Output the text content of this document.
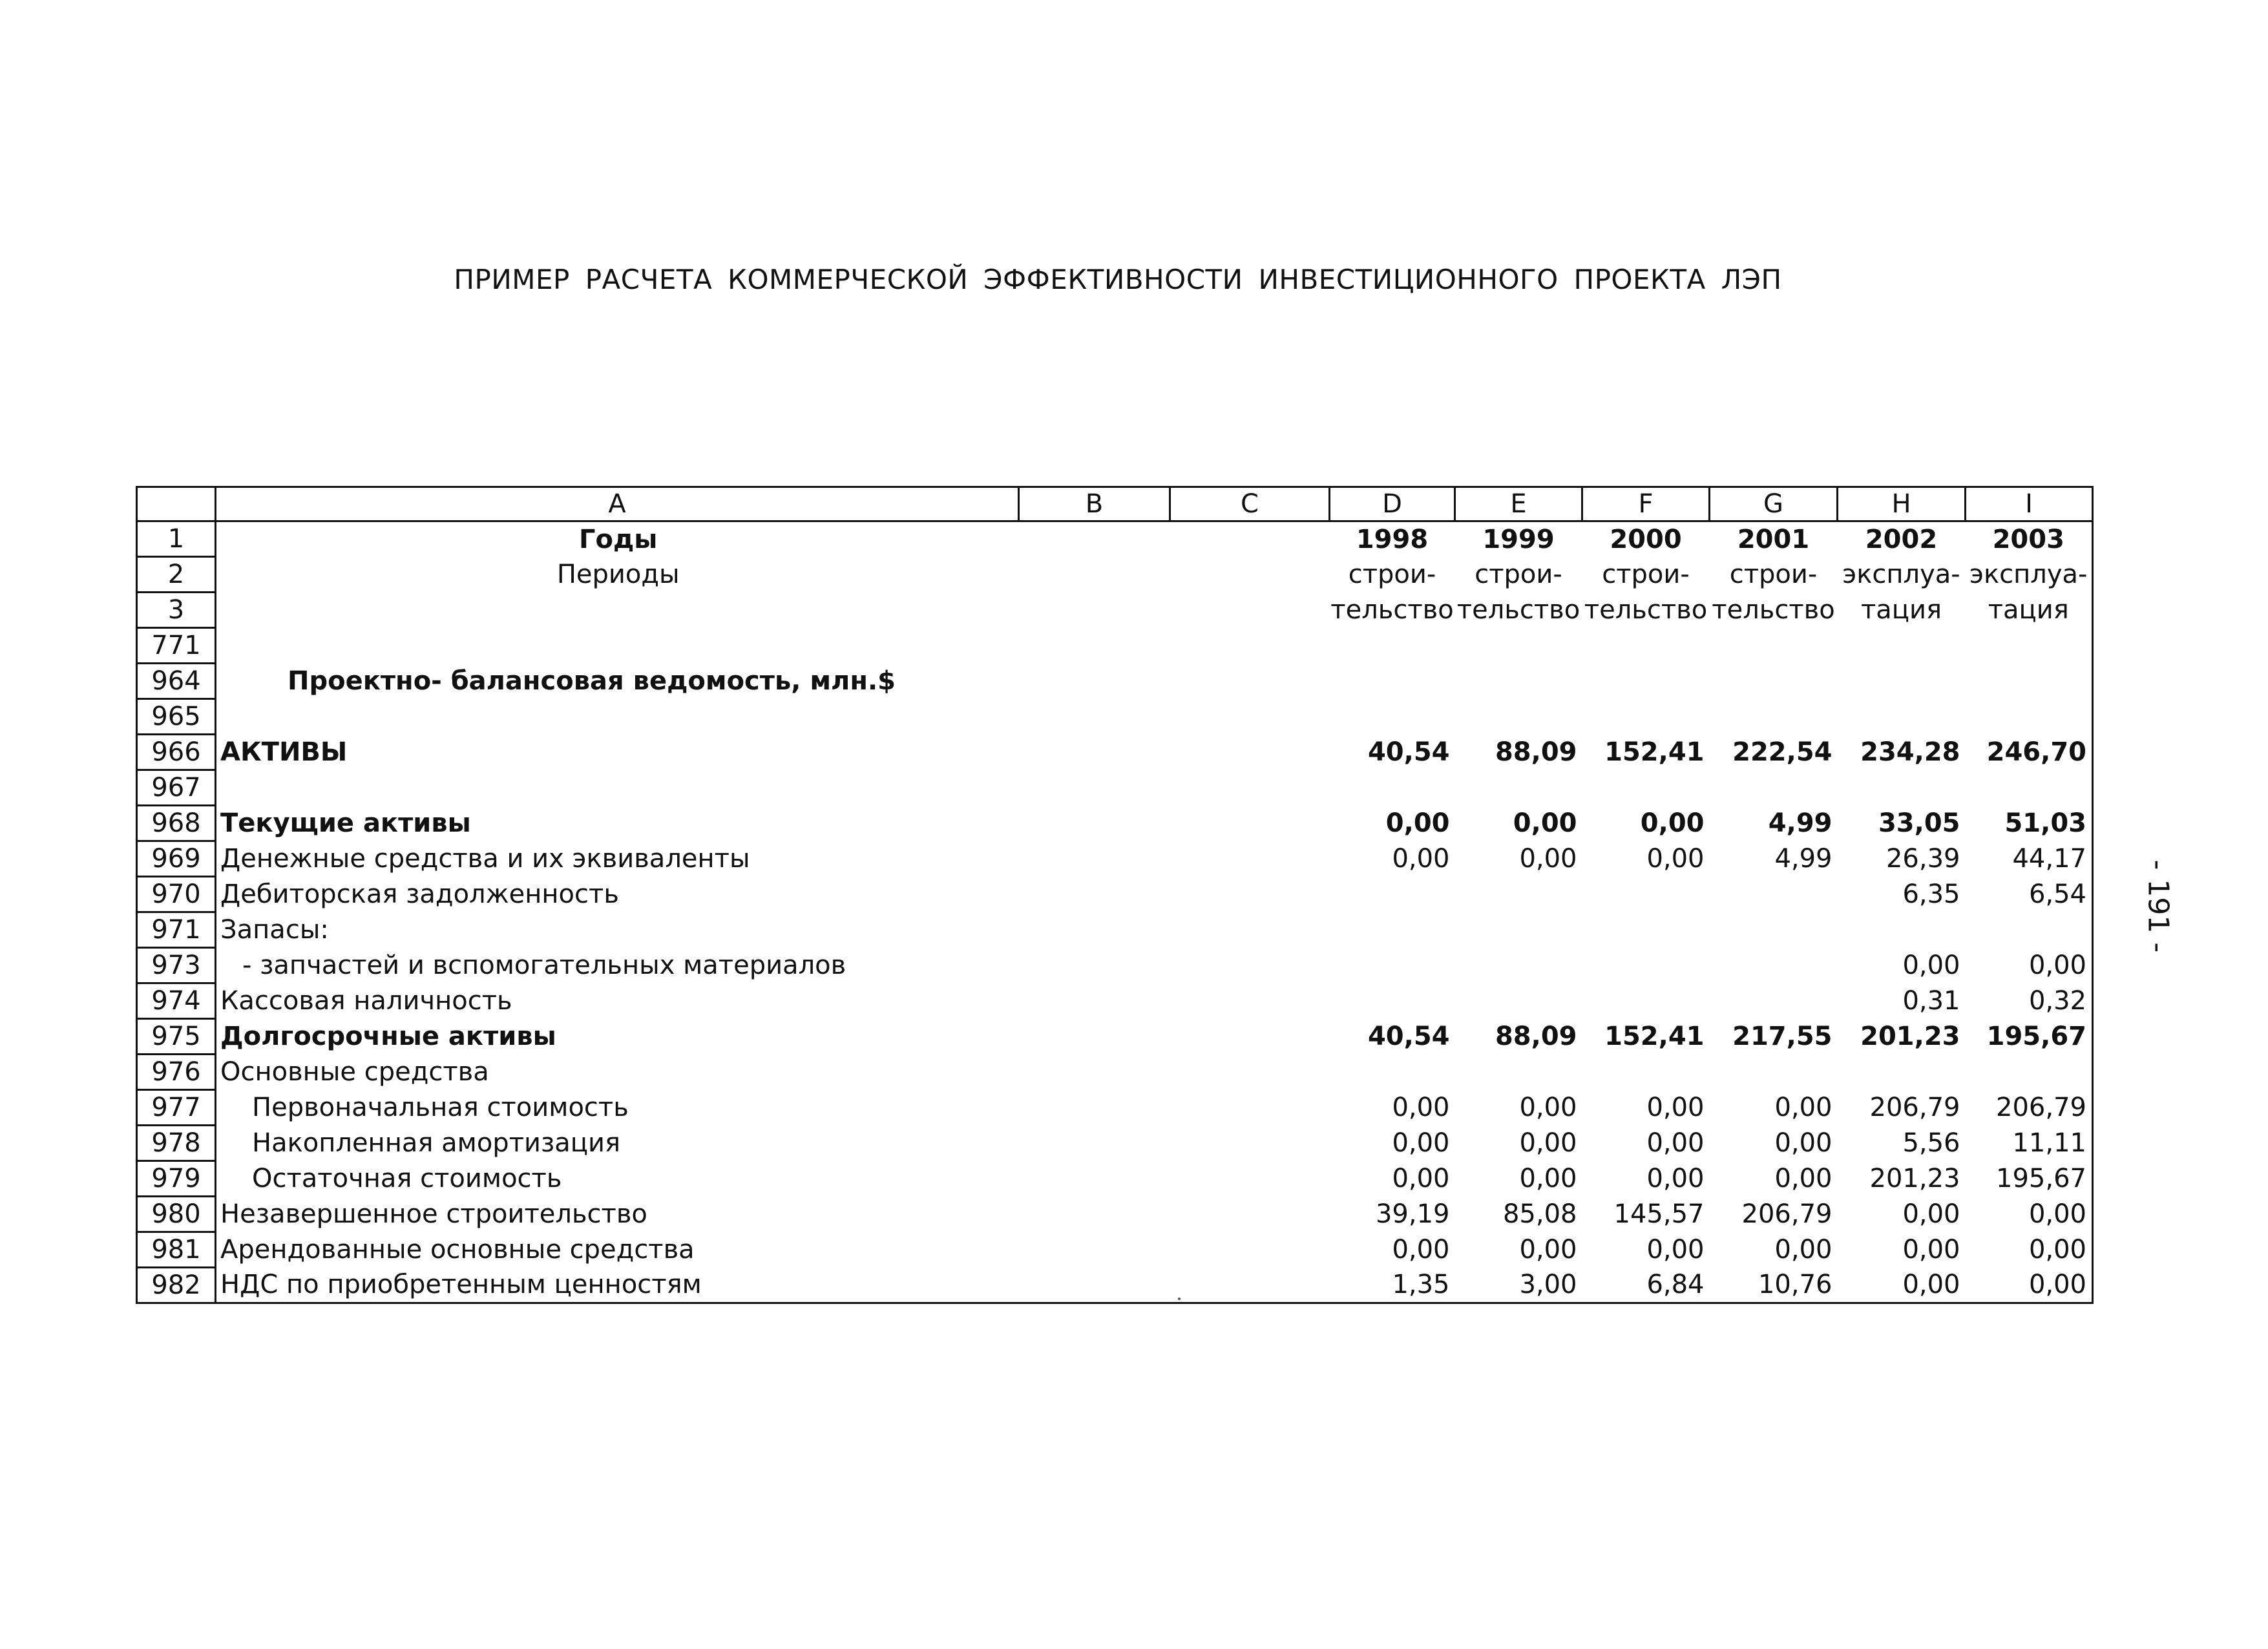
ПРИМЕР РАСЧЕТА КОММЕРЧЕСКОЙ ЭФФЕКТИВНОСТИ ИНВЕСТИЦИОННОГО ПРОЕКТА ЛЭП
- 191 -
	A	B	C	D	E	F	G	H	I
1	Годы			1998	1999	2000	2001	2002	2003
2	Периоды			строи-	строи-	строи-	строи-	эксплуа-	эксплуа-
3				тельство	тельство	тельство	тельство	тация	тация
771									
964	Проектно- балансовая ведомость, млн.$								
965									
966	АКТИВЫ			40,54	88,09	152,41	222,54	234,28	246,70
967									
968	Текущие активы			0,00	0,00	0,00	4,99	33,05	51,03
969	Денежные средства и их эквиваленты			0,00	0,00	0,00	4,99	26,39	44,17
970	Дебиторская задолженность							6,35	6,54
971	Запасы:								
973	- запчастей и вспомогательных материалов							0,00	0,00
974	Кассовая наличность							0,31	0,32
975	Долгосрочные активы			40,54	88,09	152,41	217,55	201,23	195,67
976	Основные средства								
977	Первоначальная стоимость			0,00	0,00	0,00	0,00	206,79	206,79
978	Накопленная амортизация			0,00	0,00	0,00	0,00	5,56	11,11
979	Остаточная стоимость			0,00	0,00	0,00	0,00	201,23	195,67
980	Незавершенное строительство			39,19	85,08	145,57	206,79	0,00	0,00
981	Арендованные основные средства			0,00	0,00	0,00	0,00	0,00	0,00
982	НДС по приобретенным ценностям			1,35	3,00	6,84	10,76	0,00	0,00
